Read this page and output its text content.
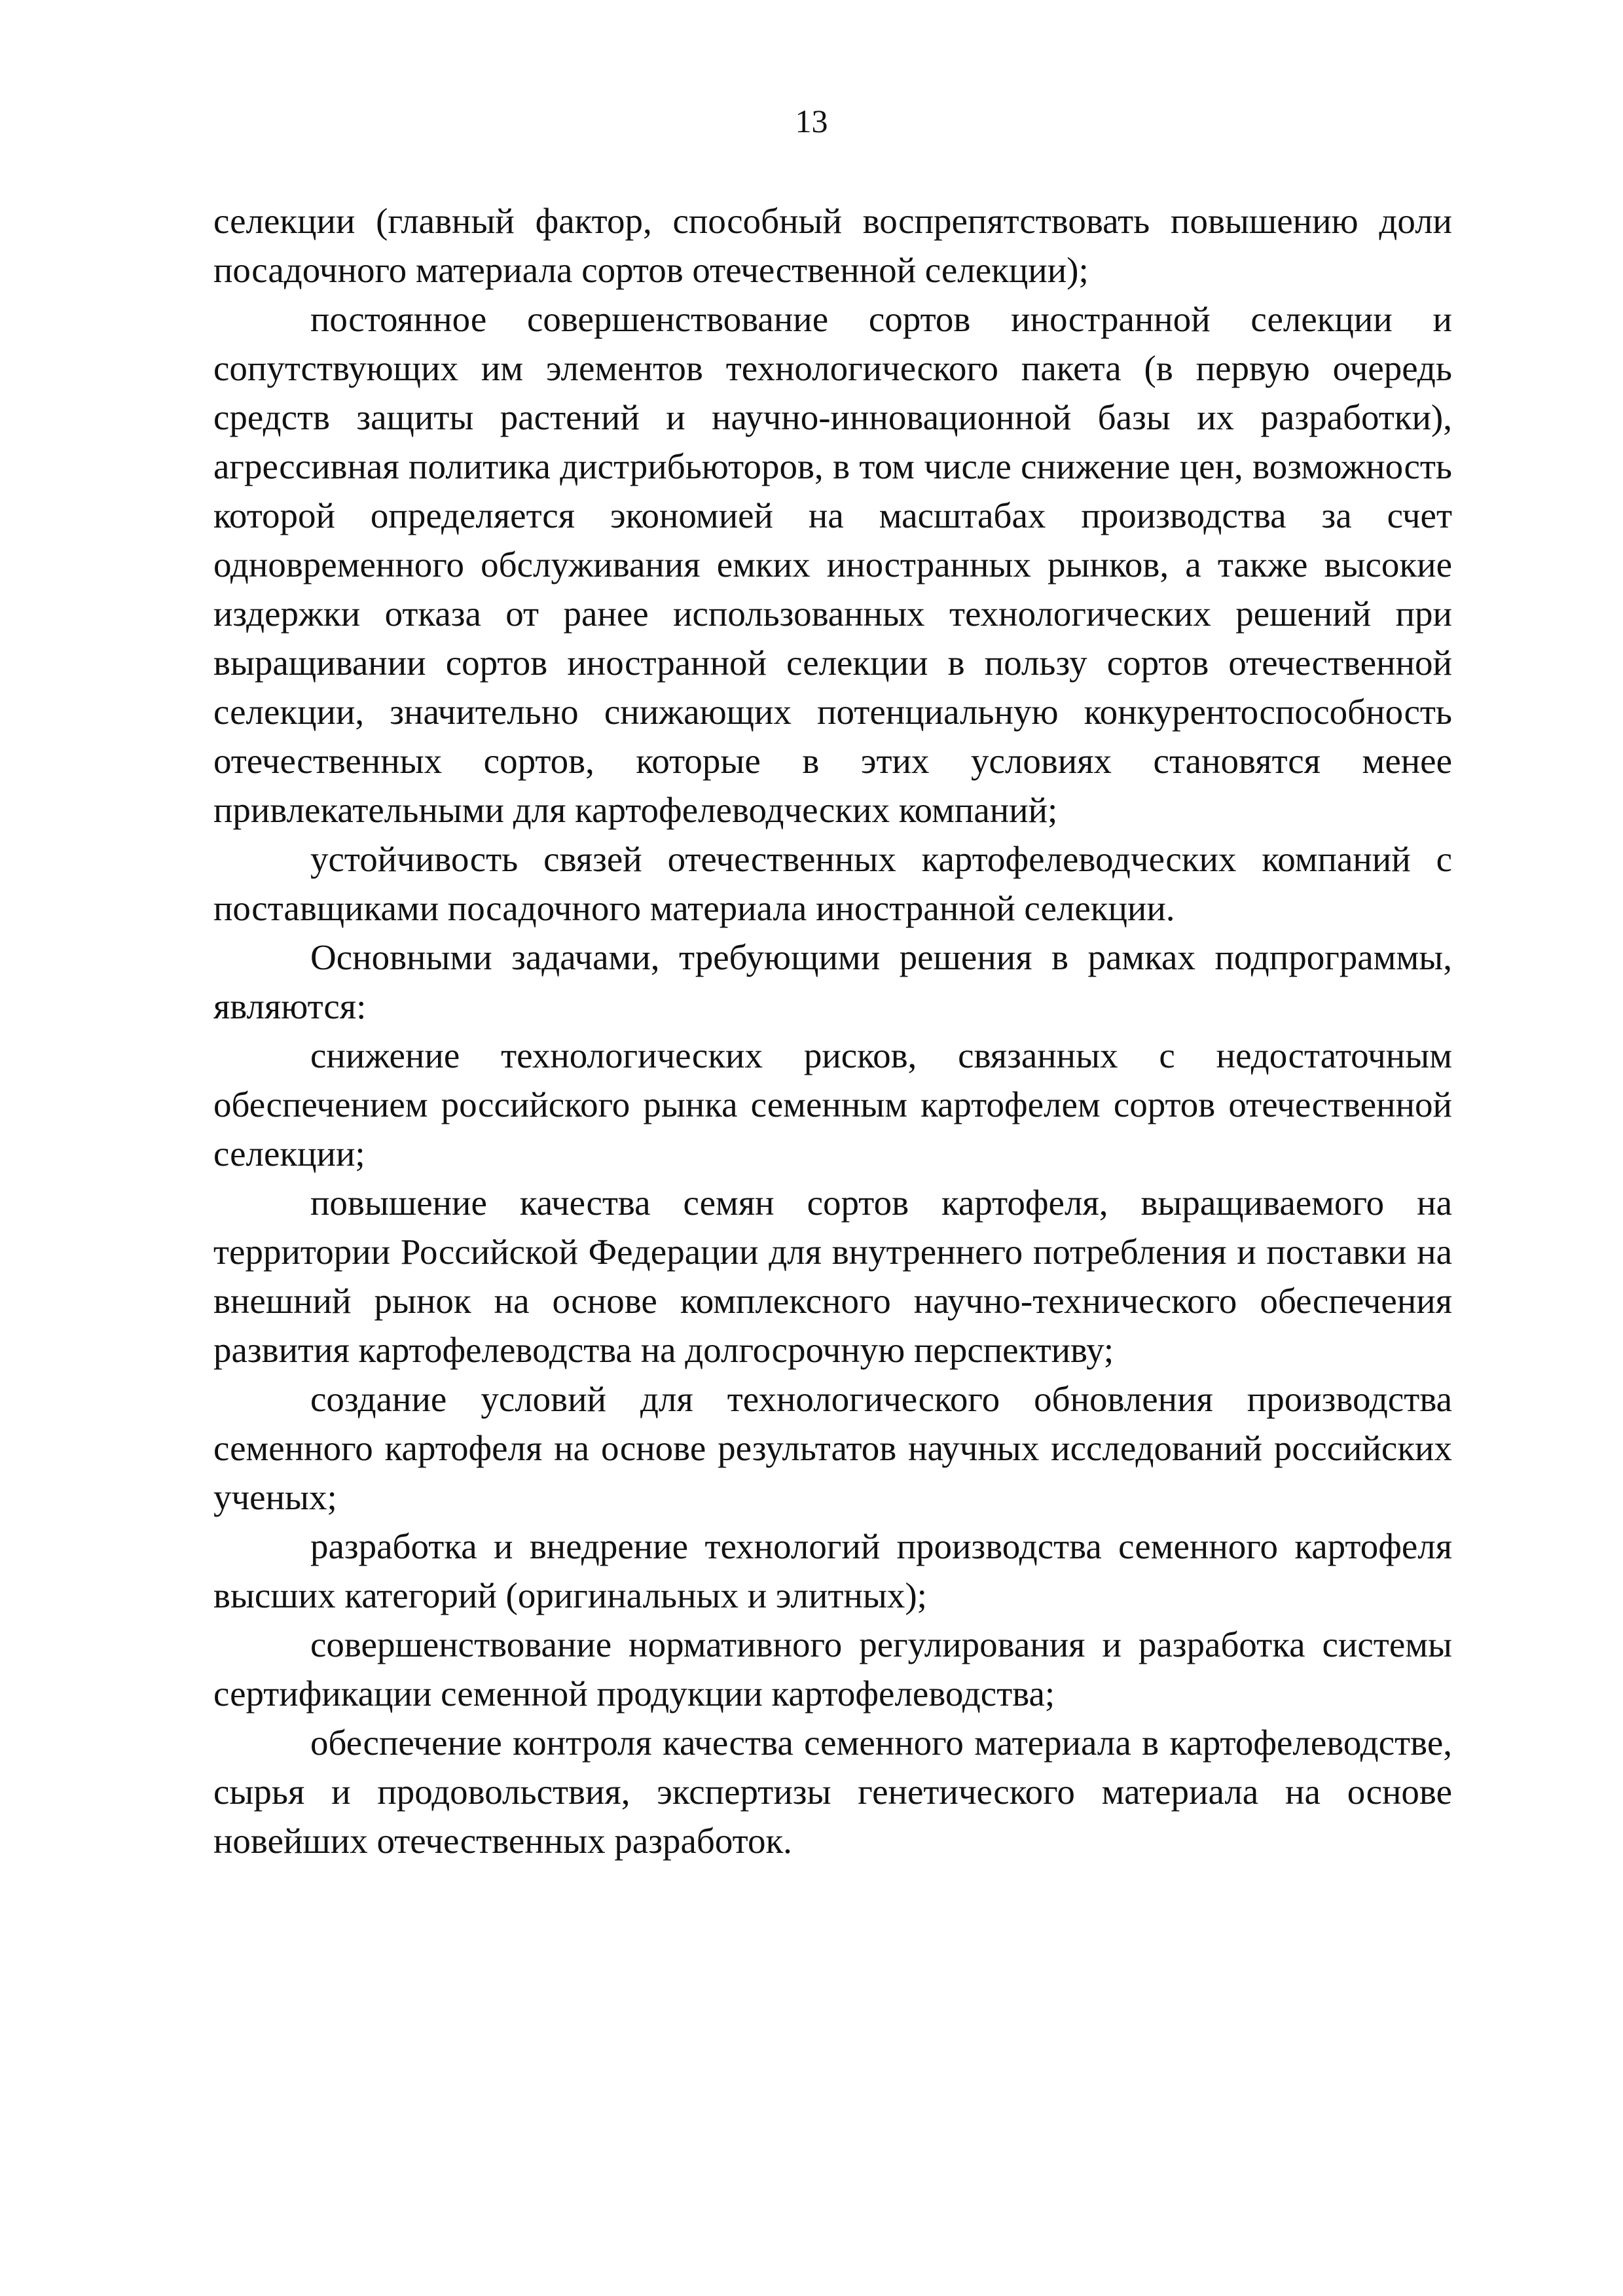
13

селекции (главный фактор, способный воспрепятствовать повышению доли посадочного материала сортов отечественной селекции);

постоянное совершенствование сортов иностранной селекции и сопутствующих им элементов технологического пакета (в первую очередь средств защиты растений и научно-инновационной базы их разработки), агрессивная политика дистрибьюторов, в том числе снижение цен, возможность которой определяется экономией на масштабах производства за счет одновременного обслуживания емких иностранных рынков, а также высокие издержки отказа от ранее использованных технологических решений при выращивании сортов иностранной селекции в пользу сортов отечественной селекции, значительно снижающих потенциальную конкурентоспособность отечественных сортов, которые в этих условиях становятся менее привлекательными для картофелеводческих компаний;

устойчивость связей отечественных картофелеводческих компаний с поставщиками посадочного материала иностранной селекции.

Основными задачами, требующими решения в рамках подпрограммы, являются:

снижение технологических рисков, связанных с недостаточным обеспечением российского рынка семенным картофелем сортов отечественной селекции;

повышение качества семян сортов картофеля, выращиваемого на территории Российской Федерации для внутреннего потребления и поставки на внешний рынок на основе комплексного научно-технического обеспечения развития картофелеводства на долгосрочную перспективу;

создание условий для технологического обновления производства семенного картофеля на основе результатов научных исследований российских ученых;

разработка и внедрение технологий производства семенного картофеля высших категорий (оригинальных и элитных);

совершенствование нормативного регулирования и разработка системы сертификации семенной продукции картофелеводства;

обеспечение контроля качества семенного материала в картофелеводстве, сырья и продовольствия, экспертизы генетического материала на основе новейших отечественных разработок.
